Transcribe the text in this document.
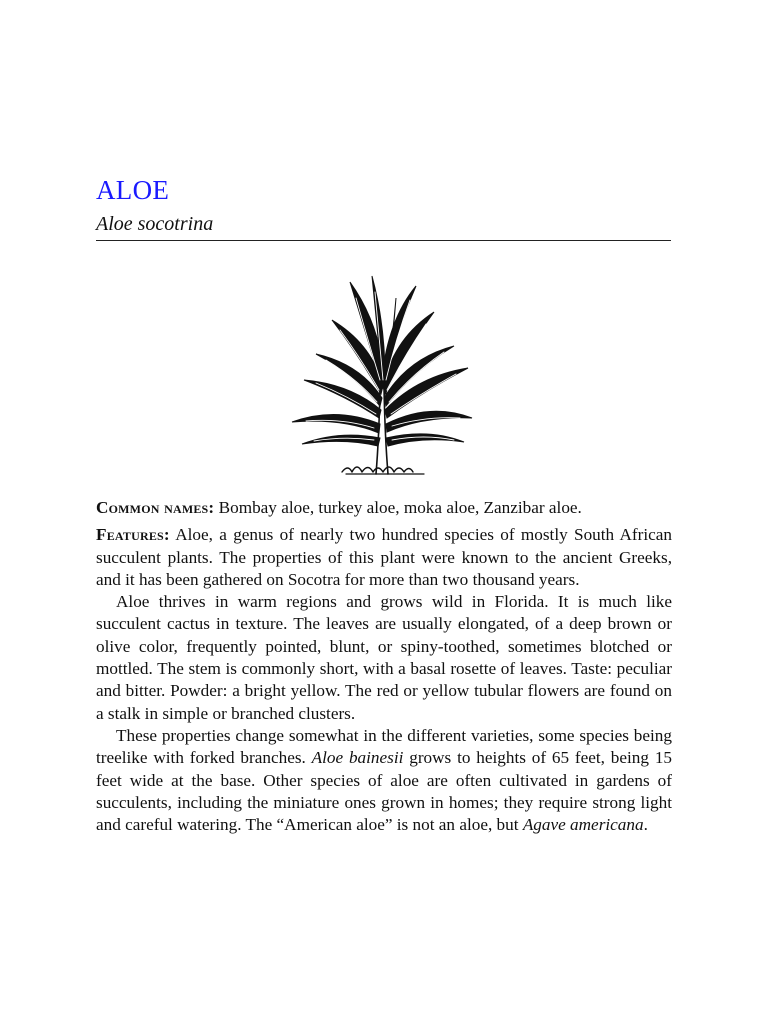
ALOE
Aloe socotrina

Common names: Bombay aloe, turkey aloe, moka aloe, Zanzibar aloe.

Features: Aloe, a genus of nearly two hundred species of mostly South African succulent plants. The properties of this plant were known to the ancient Greeks, and it has been gathered on Socotra for more than two thousand years.

Aloe thrives in warm regions and grows wild in Florida. It is much like succulent cactus in texture. The leaves are usually elongated, of a deep brown or olive color, frequently pointed, blunt, or spiny-toothed, sometimes blotched or mottled. The stem is commonly short, with a basal rosette of leaves. Taste: peculiar and bitter. Powder: a bright yellow. The red or yellow tubular flowers are found on a stalk in simple or branched clusters.

These properties change somewhat in the different varieties, some species being treelike with forked branches. Aloe bainesii grows to heights of 65 feet, being 15 feet wide at the base. Other species of aloe are often cultivated in gardens of succulents, including the miniature ones grown in homes; they require strong light and careful watering. The “American aloe” is not an aloe, but Agave americana.
